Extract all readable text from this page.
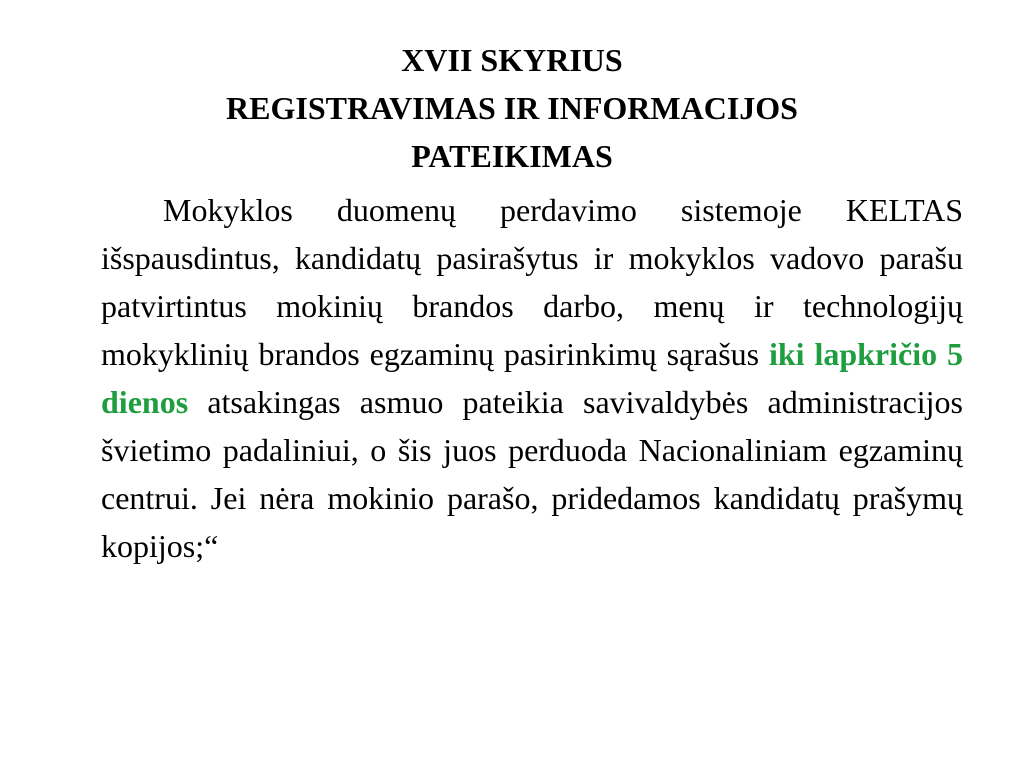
XVII SKYRIUS
REGISTRAVIMAS IR INFORMACIJOS
PATEIKIMAS

Mokyklos duomenų perdavimo sistemoje KELTAS išspausdintus, kandidatų pasirašytus ir mokyklos vadovo parašu patvirtintus mokinių brandos darbo, menų ir technologijų mokyklinių brandos egzaminų pasirinkimų sąrašus iki lapkričio 5 dienos atsakingas asmuo pateikia savivaldybės administracijos švietimo padaliniui, o šis juos perduoda Nacionaliniam egzaminų centrui. Jei nėra mokinio parašo, pridedamos kandidatų prašymų kopijos;“
